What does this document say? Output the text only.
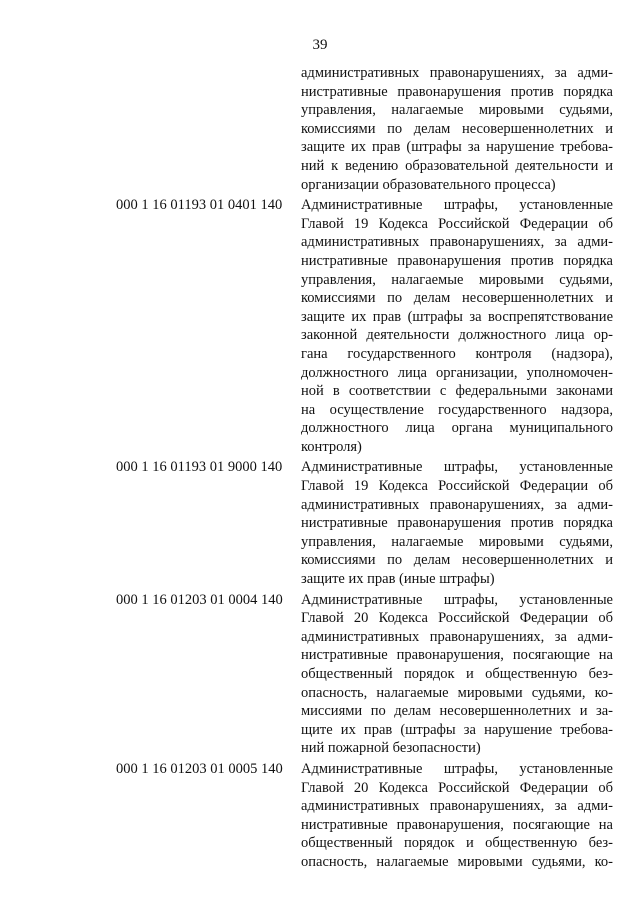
39
административных правонарушениях, за адми-
нистративные правонарушения против порядка
управления, налагаемые мировыми судьями,
комиссиями по делам несовершеннолетних и
защите их прав (штрафы за нарушение требова-
ний к ведению образовательной деятельности и
организации образовательного процесса)
000 1 16 01193 01 0401 140	Административные штрафы, установленные
Главой 19 Кодекса Российской Федерации об
административных правонарушениях, за адми-
нистративные правонарушения против порядка
управления, налагаемые мировыми судьями,
комиссиями по делам несовершеннолетних и
защите их прав (штрафы за воспрепятствование
законной деятельности должностного лица ор-
гана государственного контроля (надзора),
должностного лица организации, уполномочен-
ной в соответствии с федеральными законами
на осуществление государственного надзора,
должностного лица органа муниципального
контроля)
000 1 16 01193 01 9000 140	Административные штрафы, установленные
Главой 19 Кодекса Российской Федерации об
административных правонарушениях, за адми-
нистративные правонарушения против порядка
управления, налагаемые мировыми судьями,
комиссиями по делам несовершеннолетних и
защите их прав (иные штрафы)
000 1 16 01203 01 0004 140	Административные штрафы, установленные
Главой 20 Кодекса Российской Федерации об
административных правонарушениях, за адми-
нистративные правонарушения, посягающие на
общественный порядок и общественную без-
опасность, налагаемые мировыми судьями, ко-
миссиями по делам несовершеннолетних и за-
щите их прав (штрафы за нарушение требова-
ний пожарной безопасности)
000 1 16 01203 01 0005 140	Административные штрафы, установленные
Главой 20 Кодекса Российской Федерации об
административных правонарушениях, за адми-
нистративные правонарушения, посягающие на
общественный порядок и общественную без-
опасность, налагаемые мировыми судьями, ко-
